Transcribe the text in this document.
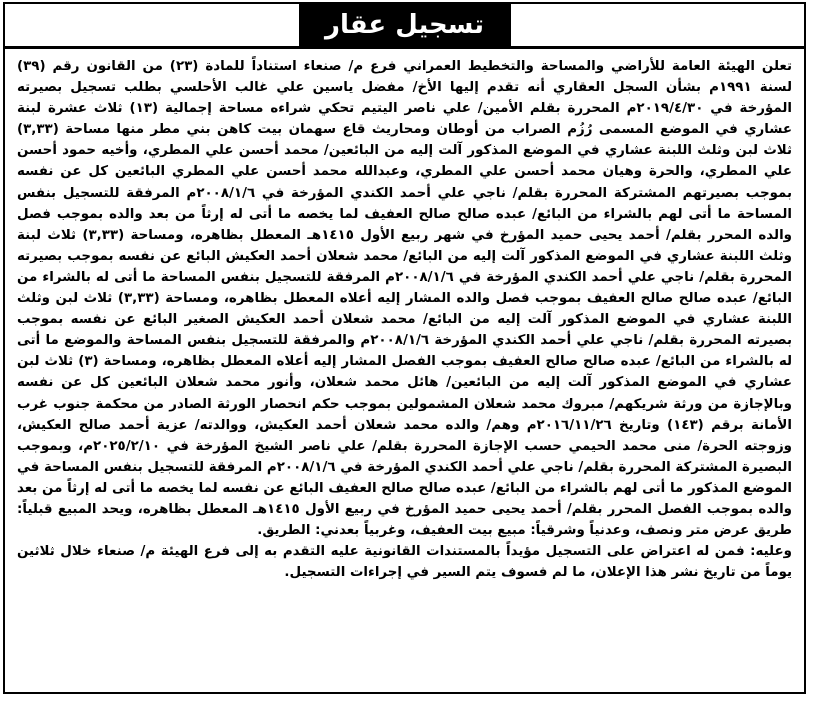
تسجيل عقار

تعلن الهيئة العامة للأراضي والمساحة والتخطيط العمراني فرع م/ صنعاء استناداً للمادة (٢٣) من القانون رقم (٣٩) لسنة ١٩٩١م بشأن السجل العقاري أنه تقدم إليها الأخ/ مفضل ياسين علي غالب الأحلسي بطلب تسجيل بصيرته المؤرخة في ٢٠١٩/٤/٣٠م المحررة بقلم الأمين/ علي ناصر اليتيم تحكي شراءه مساحة إجمالية (١٣) ثلاث عشرة لبنة عشاري في الموضع المسمى رُزُم الصراب من أوطان ومحاريث قاع سهمان بيت كاهن بني مطر منها مساحة (٣,٣٣) ثلاث لبن وثلث اللبنة عشاري في الموضع المذكور آلت إليه من البائعين/ محمد أحسن علي المطري، وأخيه حمود أحسن علي المطري، والحرة وهيان محمد أحسن علي المطري، وعبدالله محمد أحسن علي المطري البائعين كل عن نفسه بموجب بصيرتهم المشتركة المحررة بقلم/ ناجي علي أحمد الكندي المؤرخة في ٢٠٠٨/١/٦م المرفقة للتسجيل بنفس المساحة ما أتى لهم بالشراء من البائع/ عبده صالح صالح العفيف لما يخصه ما أتى له إرثاً من بعد والده بموجب فصل والده المحرر بقلم/ أحمد يحيى حميد المؤرخ في شهر ربيع الأول ١٤١٥هـ المعطل بظاهره، ومساحة (٣,٣٣) ثلاث لبنة وثلث اللبنة عشاري في الموضع المذكور آلت إليه من البائع/ محمد شعلان أحمد العكيش البائع عن نفسه بموجب بصيرته المحررة بقلم/ ناجي علي أحمد الكندي المؤرخة في ٢٠٠٨/١/٦م المرفقة للتسجيل بنفس المساحة ما أتى له بالشراء من البائع/ عبده صالح صالح العفيف بموجب فصل والده المشار إليه أعلاه المعطل بظاهره، ومساحة (٣,٣٣) ثلاث لبن وثلث اللبنة عشاري في الموضع المذكور آلت إليه من البائع/ محمد شعلان أحمد العكيش الصغير البائع عن نفسه بموجب بصيرته المحررة بقلم/ ناجي علي أحمد الكندي المؤرخة ٢٠٠٨/١/٦م والمرفقة للتسجيل بنفس المساحة والموضع ما أتى له بالشراء من البائع/ عبده صالح صالح العفيف بموجب الفصل المشار إليه أعلاه المعطل بظاهره، ومساحة (٣) ثلاث لبن عشاري في الموضع المذكور آلت إليه من البائعين/ هائل محمد شعلان، وأنور محمد شعلان البائعين كل عن نفسه وبالإجازة من ورثة شريكهم/ مبروك محمد شعلان المشمولين بموجب حكم انحصار الورثة الصادر من محكمة جنوب غرب الأمانة برقم (١٤٣) وتاريخ ٢٠١٦/١١/٢٦م وهم/ والده محمد شعلان أحمد العكيش، ووالدته/ عزية أحمد صالح العكيش، وزوجته الحرة/ منى محمد الحيمي حسب الإجازة المحررة بقلم/ علي ناصر الشيخ المؤرخة في ٢٠٢٥/٢/١٠م، وبموجب البصيرة المشتركة المحررة بقلم/ ناجي علي أحمد الكندي المؤرخة في ٢٠٠٨/١/٦م المرفقة للتسجيل بنفس المساحة في الموضع المذكور ما أتى لهم بالشراء من البائع/ عبده صالح صالح العفيف البائع عن نفسه لما يخصه ما أتى له إرثاً من بعد والده بموجب الفصل المحرر بقلم/ أحمد يحيى حميد المؤرخ في ربيع الأول ١٤١٥هـ المعطل بظاهره، ويحد المبيع قبلياً: طريق عرض متر ونصف، وعدنياً وشرقياً: مبيع بيت العفيف، وغربياً بعدني: الطريق.

وعليه: فمن له اعتراض على التسجيل مؤيداً بالمستندات القانونية عليه التقدم به إلى فرع الهيئة م/ صنعاء خلال ثلاثين يوماً من تاريخ نشر هذا الإعلان، ما لم فسوف يتم السير في إجراءات التسجيل.
